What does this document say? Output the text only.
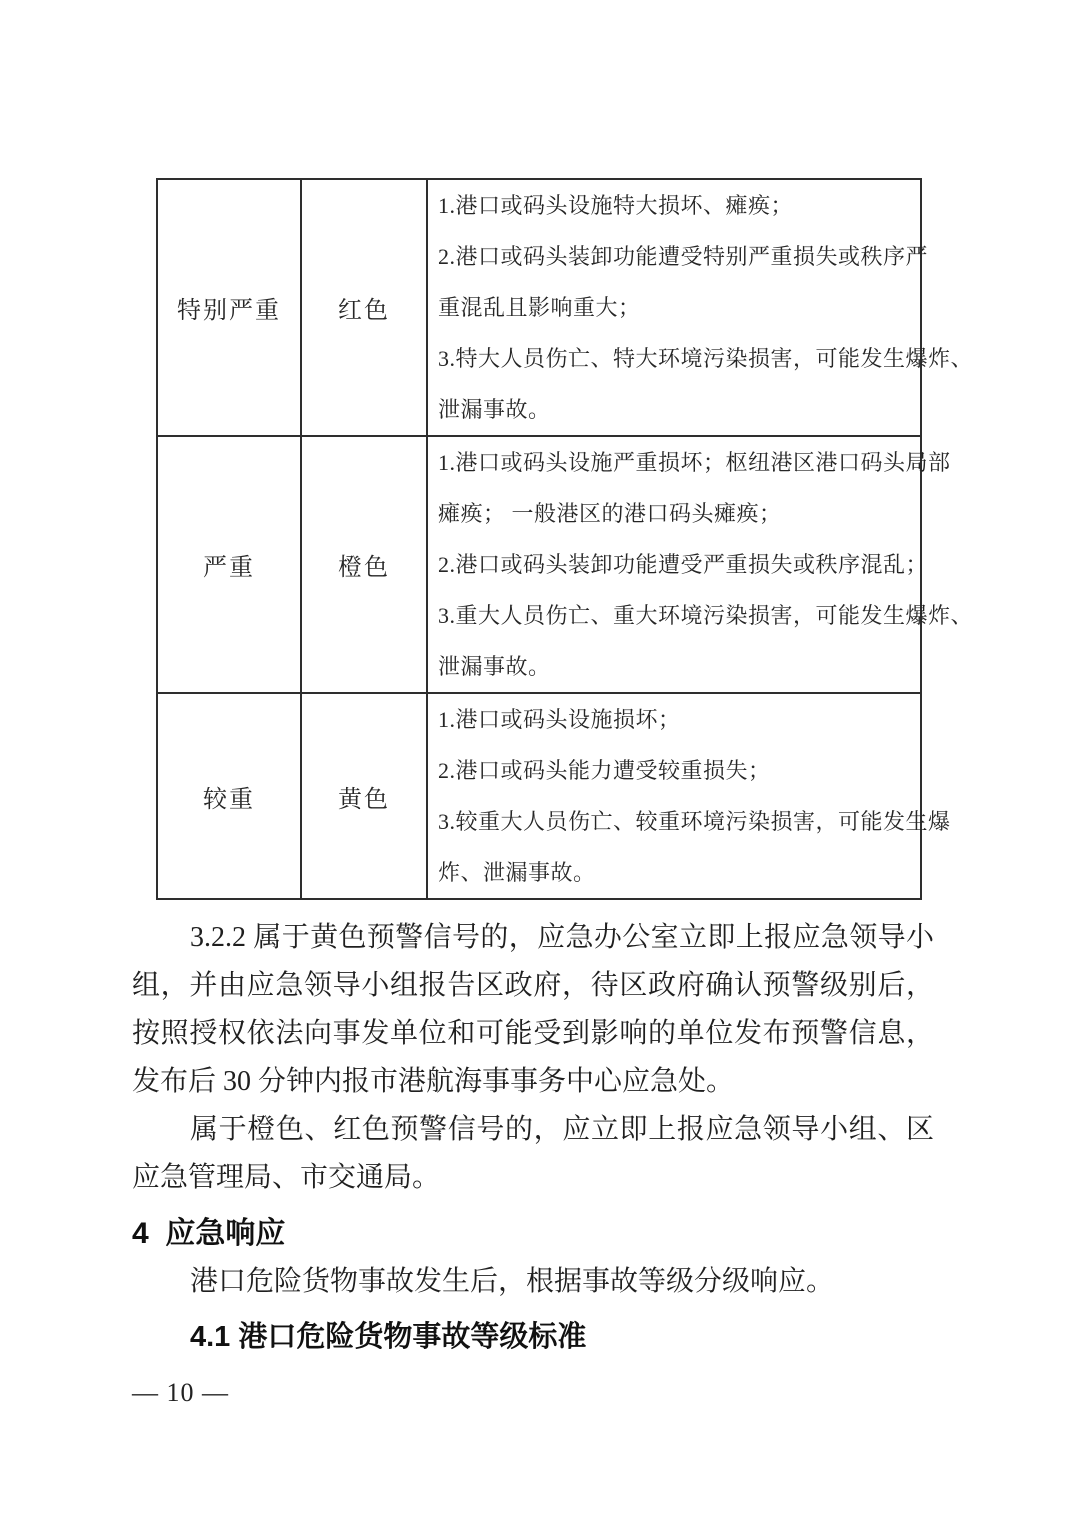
特别严重	红色	1.港口或码头设施特大损坏、瘫痪；
2.港口或码头装卸功能遭受特别严重损失或秩序严
重混乱且影响重大；
3.特大人员伤亡、特大环境污染损害，可能发生爆炸、
泄漏事故。

严重	橙色	1.港口或码头设施严重损坏；枢纽港区港口码头局部
瘫痪； 一般港区的港口码头瘫痪；
2.港口或码头装卸功能遭受严重损失或秩序混乱；
3.重大人员伤亡、重大环境污染损害，可能发生爆炸、
泄漏事故。

较重	黄色	1.港口或码头设施损坏；
2.港口或码头能力遭受较重损失；
3.较重大人员伤亡、较重环境污染损害，可能发生爆
炸、泄漏事故。
3.2.2 属于黄色预警信号的，应急办公室立即上报应急领导小
组，并由应急领导小组报告区政府，待区政府确认预警级别后，
按照授权依法向事发单位和可能受到影响的单位发布预警信息，
发布后 30 分钟内报市港航海事事务中心应急处。
属于橙色、红色预警信号的，应立即上报应急领导小组、区
应急管理局、市交通局。
4  应急响应
港口危险货物事故发生后，根据事故等级分级响应。
4.1 港口危险货物事故等级标准
— 10 —
